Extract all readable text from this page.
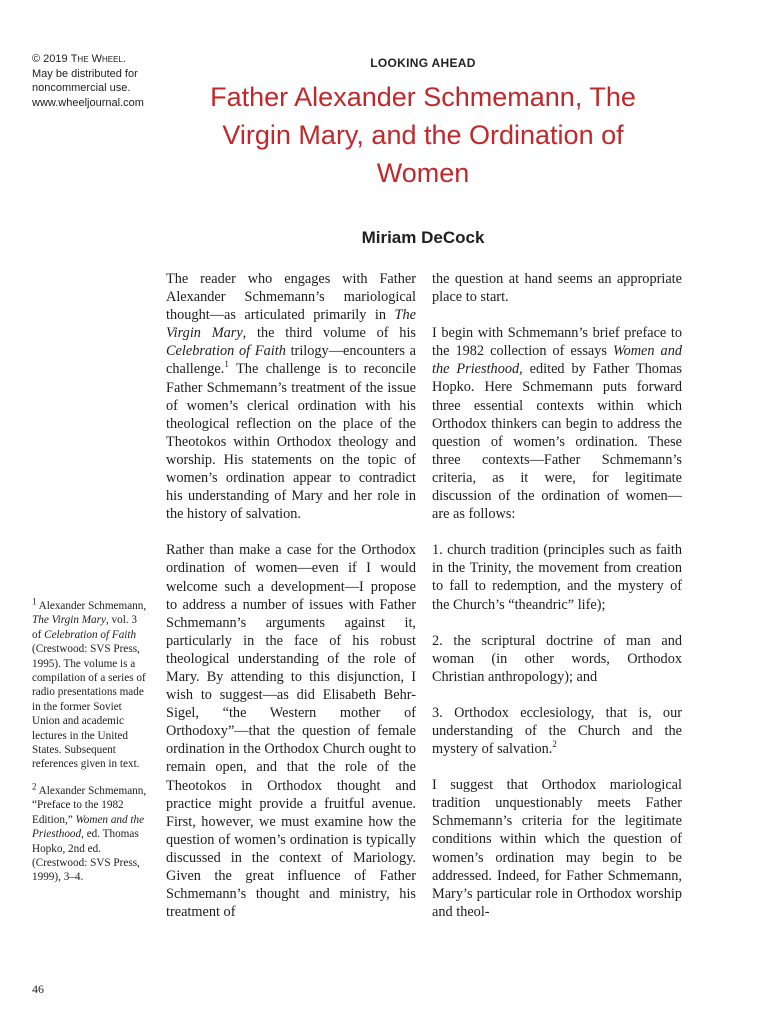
© 2019 The Wheel.
May be distributed for
noncommercial use.
www.wheeljournal.com
LOOKING AHEAD
Father Alexander Schmemann, The Virgin Mary, and the Ordination of Women
Miriam DeCock

The reader who engages with Father Alexander Schmemann’s mariological thought—as articulated primarily in The Virgin Mary, the third volume of his Celebration of Faith trilogy—encounters a challenge.$^1$ The challenge is to reconcile Father Schmemann’s treatment of the issue of women’s clerical ordination with his theological reflection on the place of the Theotokos within Orthodox theology and worship. His statements on the topic of women’s ordination appear to contradict his understanding of Mary and her role in the history of salvation.

Rather than make a case for the Orthodox ordination of women—even if I would welcome such a development—I propose to address a number of issues with Father Schmemann’s arguments against it, particularly in the face of his robust theological understanding of the role of Mary. By attending to this disjunction, I wish to suggest—as did Elisabeth Behr-Sigel, “the Western mother of Orthodoxy”—that the question of female ordination in the Orthodox Church ought to remain open, and that the role of the Theotokos in Orthodox thought and practice might provide a fruitful avenue. First, however, we must examine how the question of women’s ordination is typically discussed in the context of Mariology. Given the great influence of Father Schmemann’s thought and ministry, his treatment of

the question at hand seems an appropriate place to start.

I begin with Schmemann’s brief preface to the 1982 collection of essays Women and the Priesthood, edited by Father Thomas Hopko. Here Schmemann puts forward three essential contexts within which Orthodox thinkers can begin to address the question of women’s ordination. These three contexts—Father Schmemann’s criteria, as it were, for legitimate discussion of the ordination of women—are as follows:

1. church tradition (principles such as faith in the Trinity, the movement from creation to fall to redemption, and the mystery of the Church’s “theandric” life);

2. the scriptural doctrine of man and woman (in other words, Orthodox Christian anthropology); and

3. Orthodox ecclesiology, that is, our understanding of the Church and the mystery of salvation.$^2$

I suggest that Orthodox mariological tradition unquestionably meets Father Schmemann’s criteria for the legitimate conditions within which the question of women’s ordination may begin to be addressed. Indeed, for Father Schmemann, Mary’s particular role in Orthodox worship and theol-

$^1$ Alexander Schmemann, The Virgin Mary, vol. 3 of Celebration of Faith (Crestwood: SVS Press, 1995). The volume is a compilation of a series of radio presentations made in the former Soviet Union and academic lectures in the United States. Subsequent references given in text.

$^2$ Alexander Schmemann, “Preface to the 1982 Edition,” Women and the Priesthood, ed. Thomas Hopko, 2nd ed. (Crestwood: SVS Press, 1999), 3–4.

46
